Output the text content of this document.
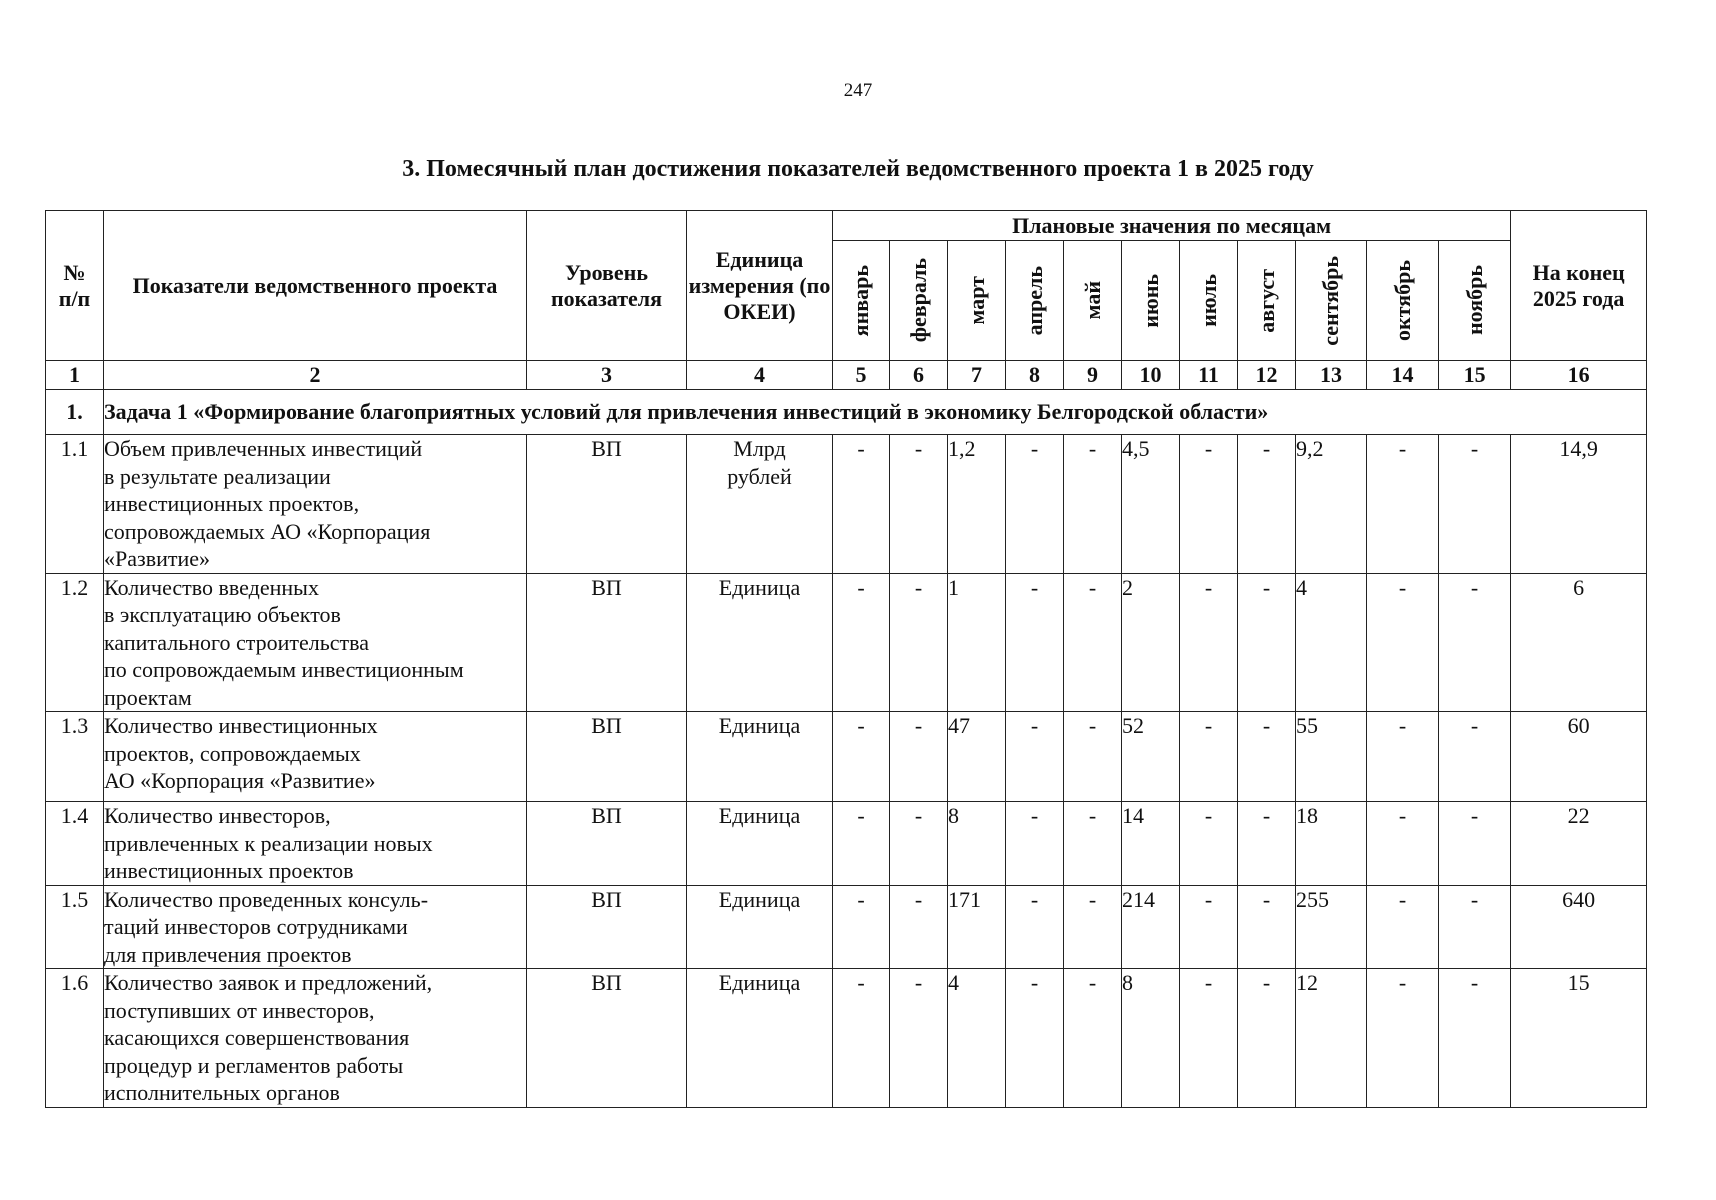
247
3. Помесячный план достижения показателей ведомственного проекта 1 в 2025 году
№
п/п	Показатели ведомственного проекта	Уровень показателя	Единица измерения (по ОКЕИ)	Плановые значения по месяцам											На конец 2025 года

				январь	февраль	март	апрель	май	июнь	июль	август	сентябрь	октябрь	ноябрь	

1	2	3	4	5	6	7	8	9	10	11	12	13	14	15	16
1.	Задача 1 «Формирование благоприятных условий для привлечения инвестиций в экономику Белгородской области»														
1.1	Объем привлеченных инвестиций
в результате реализации
инвестиционных проектов,
сопровождаемых АО «Корпорация
«Развитие»	ВП	Млрд
рублей	-	-	1,2	-	-	4,5	-	-	9,2	-	-	14,9
1.2	Количество введенных
в эксплуатацию объектов
капитального строительства
по сопровождаемым инвестиционным
проектам	ВП	Единица	-	-	1	-	-	2	-	-	4	-	-	6
1.3	Количество инвестиционных
проектов, сопровождаемых
АО «Корпорация «Развитие»	ВП	Единица	-	-	47	-	-	52	-	-	55	-	-	60
1.4	Количество инвесторов,
привлеченных к реализации новых
инвестиционных проектов	ВП	Единица	-	-	8	-	-	14	-	-	18	-	-	22
1.5	Количество проведенных консуль-
таций инвесторов сотрудниками
для привлечения проектов	ВП	Единица	-	-	171	-	-	214	-	-	255	-	-	640
1.6	Количество заявок и предложений,
поступивших от инвесторов,
касающихся совершенствования
процедур и регламентов работы
исполнительных органов	ВП	Единица	-	-	4	-	-	8	-	-	12	-	-	15
